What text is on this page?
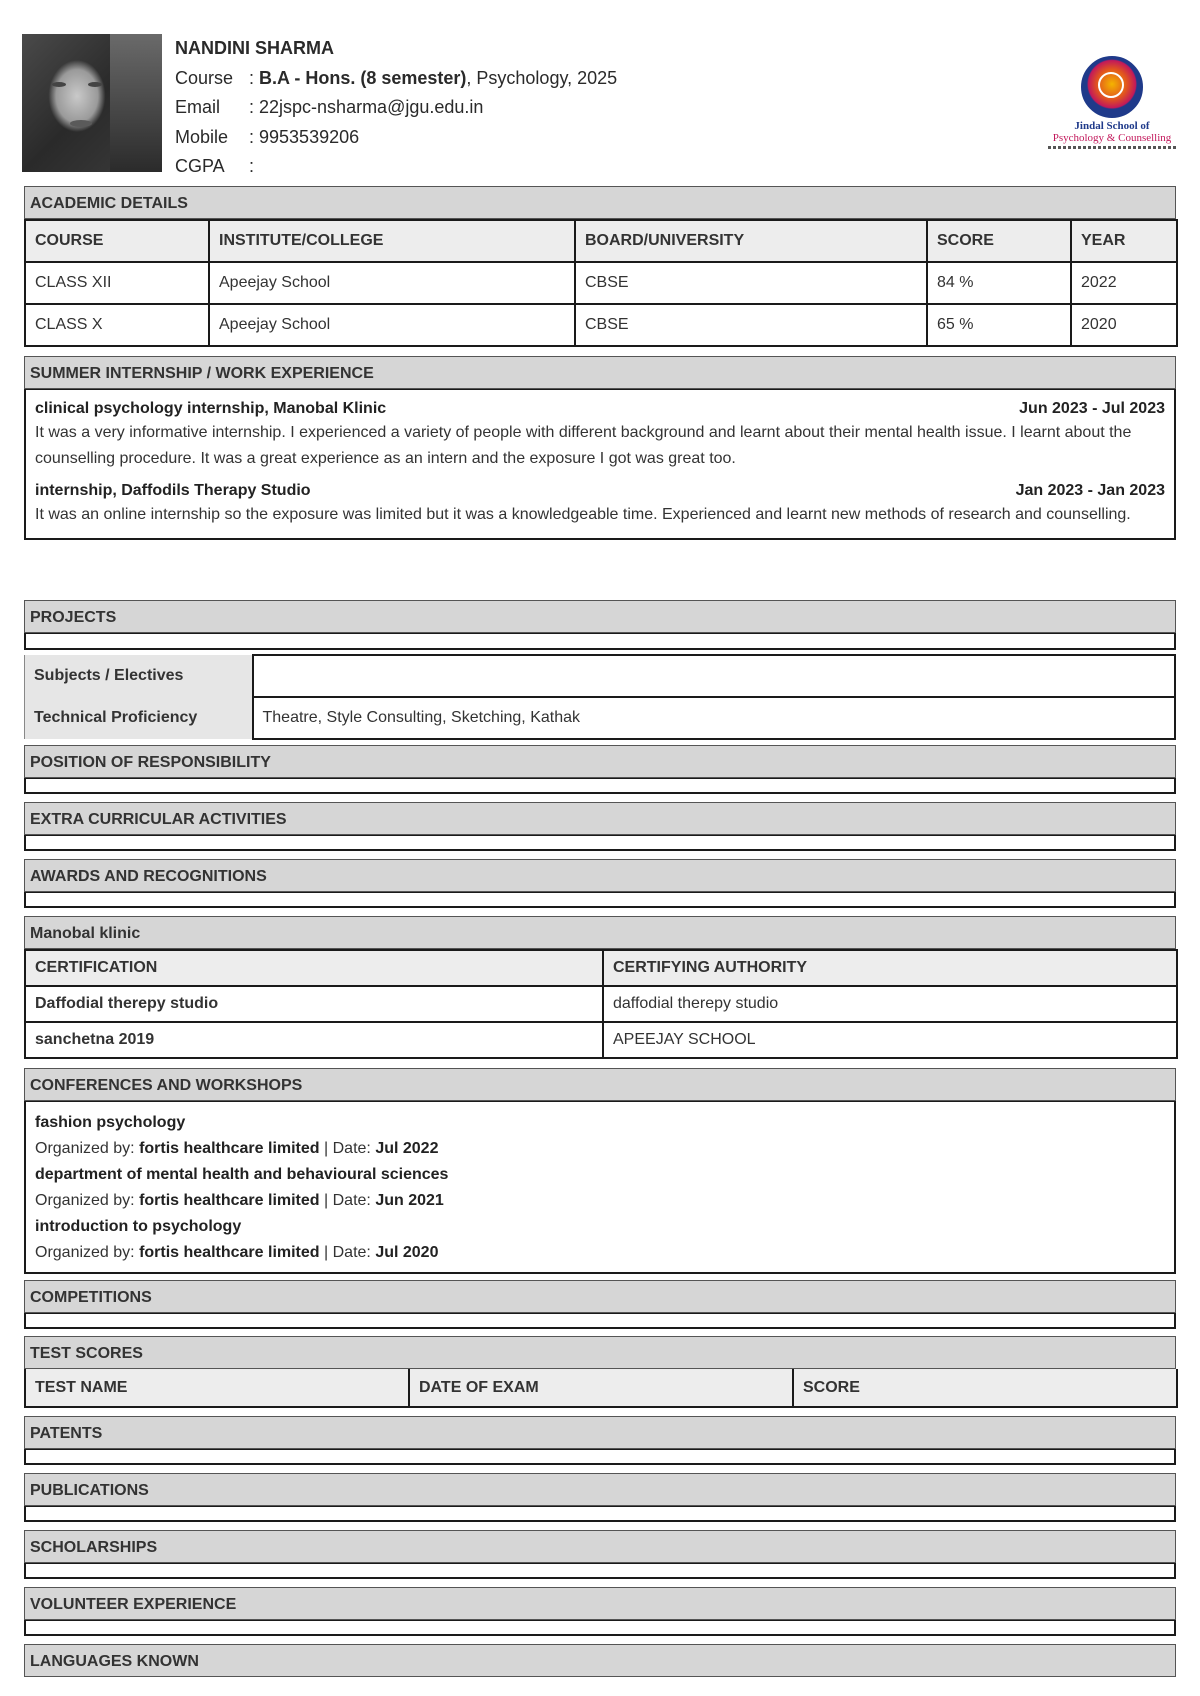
NANDINI SHARMA
Course : B.A - Hons. (8 semester), Psychology, 2025
Email : 22jspc-nsharma@jgu.edu.in
Mobile : 9953539206
CGPA :
Jindal School of
Psychology & Counselling
ACADEMIC DETAILS
COURSE	INSTITUTE/COLLEGE	BOARD/UNIVERSITY	SCORE	YEAR
CLASS XII	Apeejay School	CBSE	84 %	2022
CLASS X	Apeejay School	CBSE	65 %	2020
SUMMER INTERNSHIP / WORK EXPERIENCE
clinical psychology internship, Manobal Klinic	Jun 2023 - Jul 2023
It was a very informative internship. I experienced a variety of people with different background and learnt about their mental health issue. I learnt about the counselling procedure. It was a great experience as an intern and the exposure I got was great too.
internship, Daffodils Therapy Studio	Jan 2023 - Jan 2023
It was an online internship so the exposure was limited but it was a knowledgeable time. Experienced and learnt new methods of research and counselling.
PROJECTS
Subjects / Electives	
Technical Proficiency	Theatre, Style Consulting, Sketching, Kathak
POSITION OF RESPONSIBILITY
EXTRA CURRICULAR ACTIVITIES
AWARDS AND RECOGNITIONS
Manobal klinic
CERTIFICATION	CERTIFYING AUTHORITY
Daffodial therepy studio	daffodial therepy studio
sanchetna 2019	APEEJAY SCHOOL
CONFERENCES AND WORKSHOPS
fashion psychology
Organized by: fortis healthcare limited | Date: Jul 2022
department of mental health and behavioural sciences
Organized by: fortis healthcare limited | Date: Jun 2021
introduction to psychology
Organized by: fortis healthcare limited | Date: Jul 2020
COMPETITIONS
TEST SCORES
TEST NAME	DATE OF EXAM	SCORE
PATENTS
PUBLICATIONS
SCHOLARSHIPS
VOLUNTEER EXPERIENCE
LANGUAGES KNOWN
